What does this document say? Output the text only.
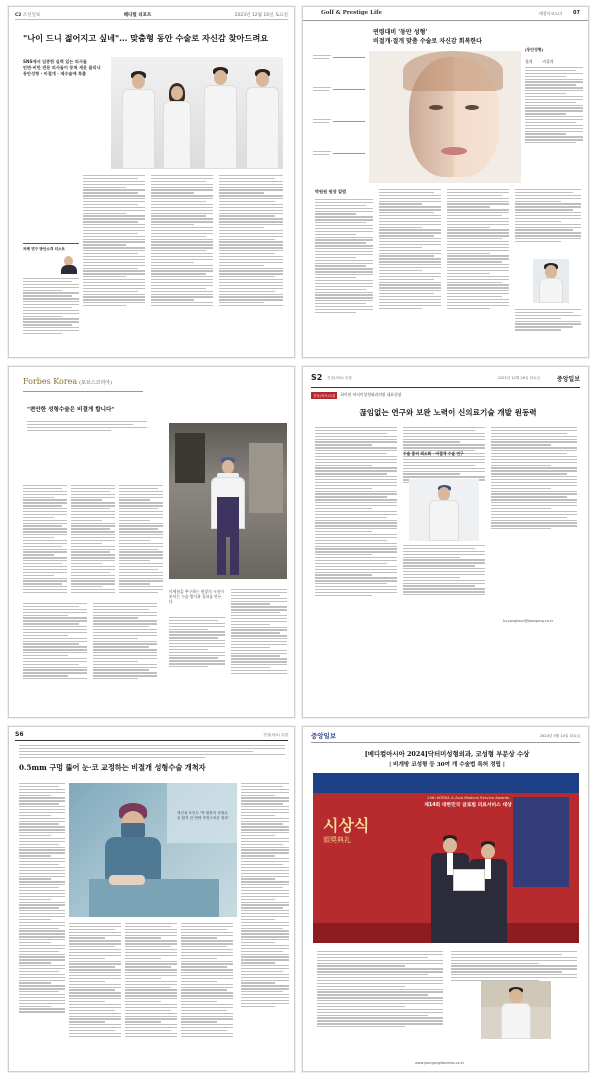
C2 조선일보	헤디컬 리포트	2023년 12월 16일 토요일
"나이 드니 젊어지고 싶네"… 맞춤형 동안 수술로 자신감 찾아드려요
SNS에서 입증한 실력 있는 의사들
안면·비만 전문 의사들이 뭉쳐 세운 클리닉
동안성형 · 비절개 · 재수술에 특출
차례 연구 방안소개 리스트
Golf & Prestige Life	매경이코노미 07
연령대비 '동안 성형'
비절개·절개 맞춤 수술로 자신감 회복한다
(동안성형)
절개	비절개
박원원 원장 칼럼
Forbes Korea (포브스코리아)
"편안한 성형수술은 비결게 합니다"
미세함을 추구하는 원장의 시선이 보이는 수술 방식과 결과를 만든다
S2 건강(의료) 특집	2023년 12월 26일 화요일	중앙일보
건강(의료)특집	하이원 닥터미성형외과의원 대표원장
끊임없는 연구와 보완 노력이 신의료기술 개발 원동력
수술 흉터 최소화 · 비절개 수술 연구
hy.yangheon@joongang.co.kr
S6	건강(의료) 특집
0.5mm 구멍 뚫어 눈·코 교정하는 비절개 성형수술 개척자
혁신성 포인트 '박 원장의 성형수술 원칙 한 번에 자연스러운 결과'
중앙일보	2024년 5월 14일 화요일
[메디컬아시아 2024]닥터미성형외과, 코성형 부문상 수상
| 비개방 코성형 등 30여 개 수술법 특허 정립 |
14th KOREA & Asia Medical Service Awards
제14회 대한민국 글로벌 의료서비스 대상
시상식
頒獎典礼
www.joongangilbonews.co.kr
